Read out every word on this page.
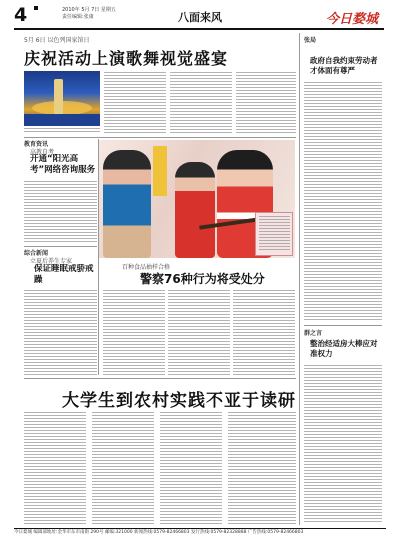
4	2010年 5月 7日 星期五
责任编辑:张康	八面来风	今日婺城
5月 6日 以色列国家馆日
庆祝活动上演歌舞视觉盛宴
教育资讯
高教自考
开通“阳光高考”网络咨询服务
综合新闻
立夏后养生专家
保证睡眠戒骄戒躁
百种食品抽样合格
警察76种行为将受处分
大学生到农村实践不亚于读研
张局
政府自我约束劳动者才体面有尊严
群之言
整治经适房大棒应对准权力
今日婺城 编辑部地址:金华市东市南街 290号 邮编:321000 新闻热线:0579-82466803 发行热线:0579-82328888 广告热线:0579-82466803
